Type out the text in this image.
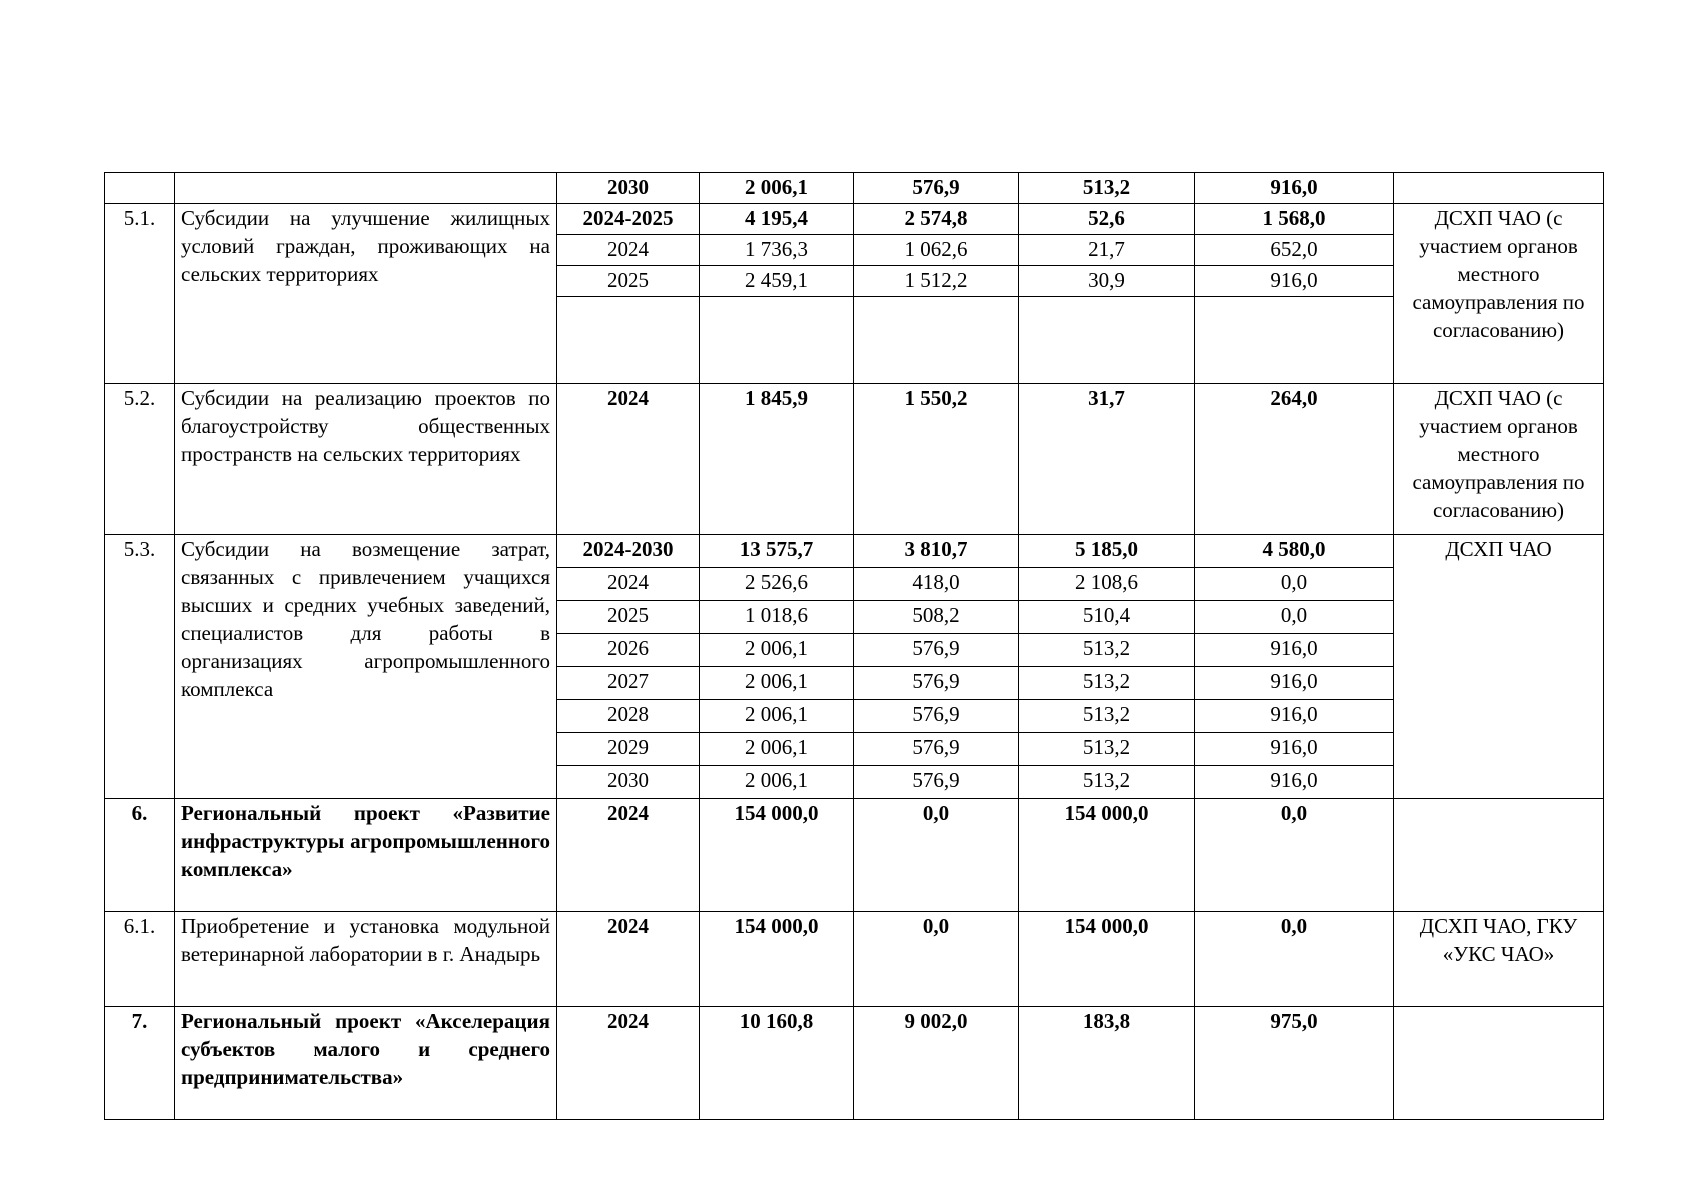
		2030	2 006,1	576,9	513,2	916,0	
5.1.	Субсидии на улучшение жилищных условий граждан, проживающих на сельских территориях	2024-2025	4 195,4	2 574,8	52,6	1 568,0	ДСХП ЧАО (с участием органов местного самоуправления по согласованию)
		2024	1 736,3	1 062,6	21,7	652,0	
		2025	2 459,1	1 512,2	30,9	916,0	

5.2.	Субсидии на реализацию проектов по благоустройству общественных пространств на сельских территориях	2024	1 845,9	1 550,2	31,7	264,0	ДСХП ЧАО (с участием органов местного самоуправления по согласованию)
5.3.	Субсидии на возмещение затрат, связанных с привлечением учащихся высших и средних учебных заведений, специалистов для работы в организациях агропромышленного комплекса	2024-2030	13 575,7	3 810,7	5 185,0	4 580,0	ДСХП ЧАО
		2024	2 526,6	418,0	2 108,6	0,0	
		2025	1 018,6	508,2	510,4	0,0	
		2026	2 006,1	576,9	513,2	916,0	
		2027	2 006,1	576,9	513,2	916,0	
		2028	2 006,1	576,9	513,2	916,0	
		2029	2 006,1	576,9	513,2	916,0	
		2030	2 006,1	576,9	513,2	916,0	
6.	Региональный проект «Развитие инфраструктуры агропромышленного комплекса»	2024	154 000,0	0,0	154 000,0	0,0	
6.1.	Приобретение и установка модульной ветеринарной лаборатории в г. Анадырь	2024	154 000,0	0,0	154 000,0	0,0	ДСХП ЧАО, ГКУ «УКС ЧАО»
7.	Региональный проект «Акселерация субъектов малого и среднего предпринимательства»	2024	10 160,8	9 002,0	183,8	975,0	
